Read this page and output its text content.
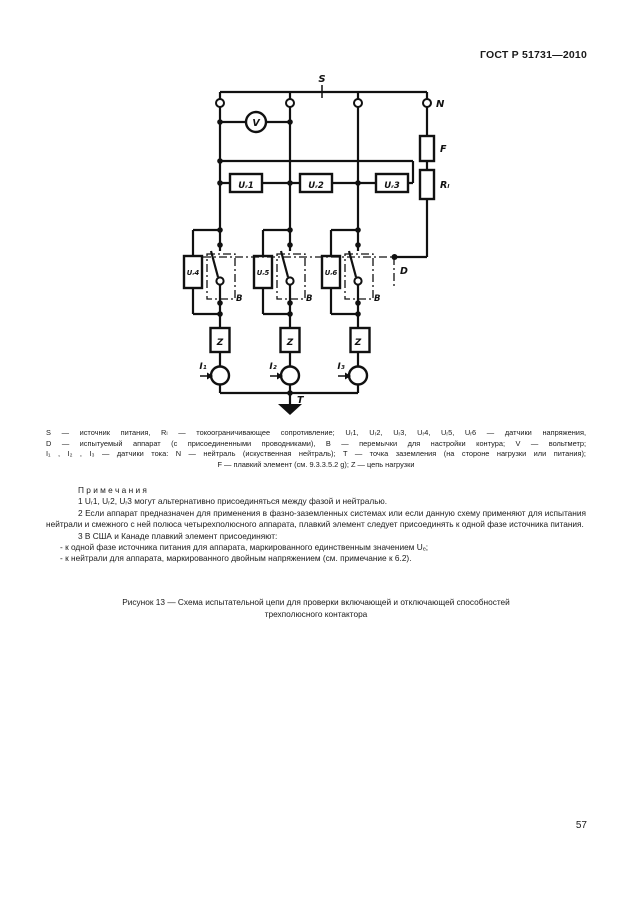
ГОСТ Р 51731—2010
S
N
V
F
Rₗ
Uᵣ1	Uᵣ2	Uᵣ3
Uᵣ4	Uᵣ5	Uᵣ6
B	B	B
D
Z	Z	Z
I₁	I₂	I₃
T
S — источник питания, Rₗ — токоограничивающее сопротивление; Uᵣ1, Uᵣ2, Uᵣ3, Uᵣ4, Uᵣ5, Uᵣ6 — датчики напряжения,
D — испытуемый аппарат (с присоединенными проводниками), B — перемычки для настройки контура; V — вольтметр;
I₁ , I₂ , I₃ — датчики тока: N — нейтраль (искуственная нейтраль); T — точка заземления (на стороне нагрузки или питания);
F — плавкий элемент (см. 9.3.3.5.2 g); Z — цепь нагрузки

П р и м е ч а н и я

1 Uᵣ1, Uᵣ2, Uᵣ3 могут альтернативно присоединяться между фазой и нейтралью.

2 Если аппарат предназначен для применения в фазно-заземленных системах или если данную схему применяют для испытания нейтрали и смежного с ней полюса четырехполюсного аппарата, плавкий элемент следует присоединять к одной фазе источника питания.

3 В США и Канаде плавкий элемент присоединяют:

- к одной фазе источника питания для аппарата, маркированного единственным значением Uₑ;

- к нейтрали для аппарата, маркированного двойным напряжением (см. примечание к 6.2).

Рисунок 13 — Схема испытательной цепи для проверки включающей и отключающей способностей
трехполюсного контактора
57
